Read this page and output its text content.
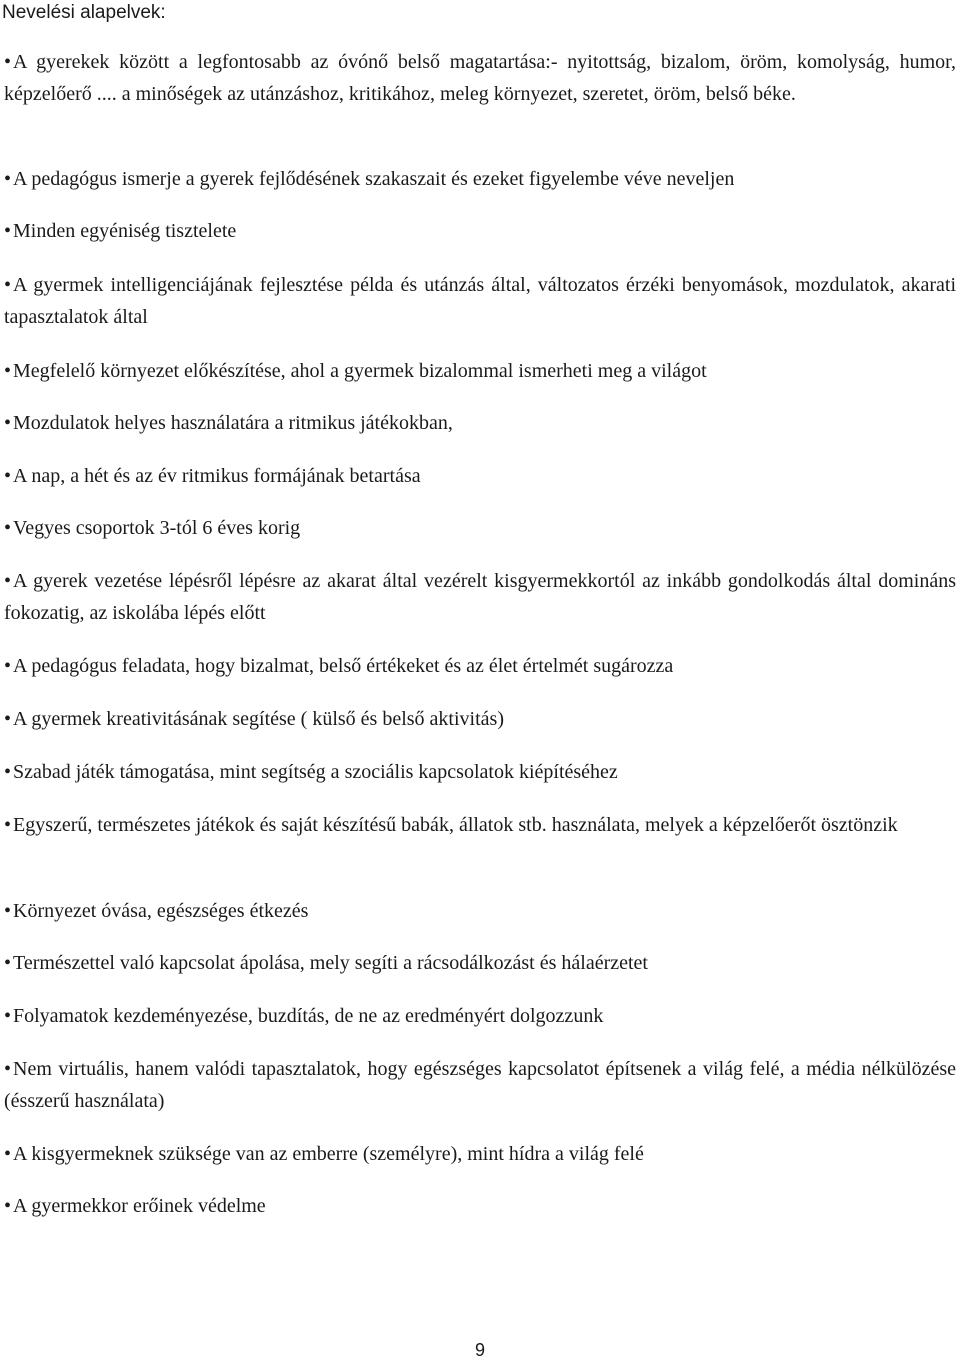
Nevelési alapelvek:

•A gyerekek között a legfontosabb az óvónő belső magatartása:- nyitottság, bizalom, öröm, komolyság, humor, képzelőerő .... a minőségek az utánzáshoz, kritikához, meleg környezet, szeretet, öröm, belső béke.

•A pedagógus ismerje a gyerek fejlődésének szakaszait és ezeket figyelembe véve neveljen

•Minden egyéniség tisztelete

•A gyermek intelligenciájának fejlesztése példa és utánzás által, változatos érzéki benyomások, mozdulatok, akarati tapasztalatok által

•Megfelelő környezet előkészítése, ahol a gyermek bizalommal ismerheti meg a világot

•Mozdulatok helyes használatára a ritmikus játékokban,

•A nap, a hét és az év ritmikus formájának betartása

•Vegyes csoportok 3-tól 6 éves korig

•A gyerek vezetése lépésről lépésre az akarat által vezérelt kisgyermekkortól az inkább gondolkodás által domináns fokozatig, az iskolába lépés előtt

•A pedagógus feladata, hogy bizalmat, belső értékeket és az élet értelmét sugározza

•A gyermek kreativitásának segítése ( külső és belső aktivitás)

•Szabad játék támogatása, mint segítség a szociális kapcsolatok kiépítéséhez

•Egyszerű, természetes játékok és saját készítésű babák, állatok stb. használata, melyek a képzelőerőt ösztönzik

•Környezet óvása, egészséges étkezés

•Természettel való kapcsolat ápolása, mely segíti a rácsodálkozást és hálaérzetet

•Folyamatok kezdeményezése, buzdítás, de ne az eredményért dolgozzunk

•Nem virtuális, hanem valódi tapasztalatok, hogy egészséges kapcsolatot építsenek a világ felé, a média nélkülözése (ésszerű használata)

•A kisgyermeknek szüksége van az emberre (személyre), mint hídra a világ felé

•A gyermekkor erőinek védelme

9
